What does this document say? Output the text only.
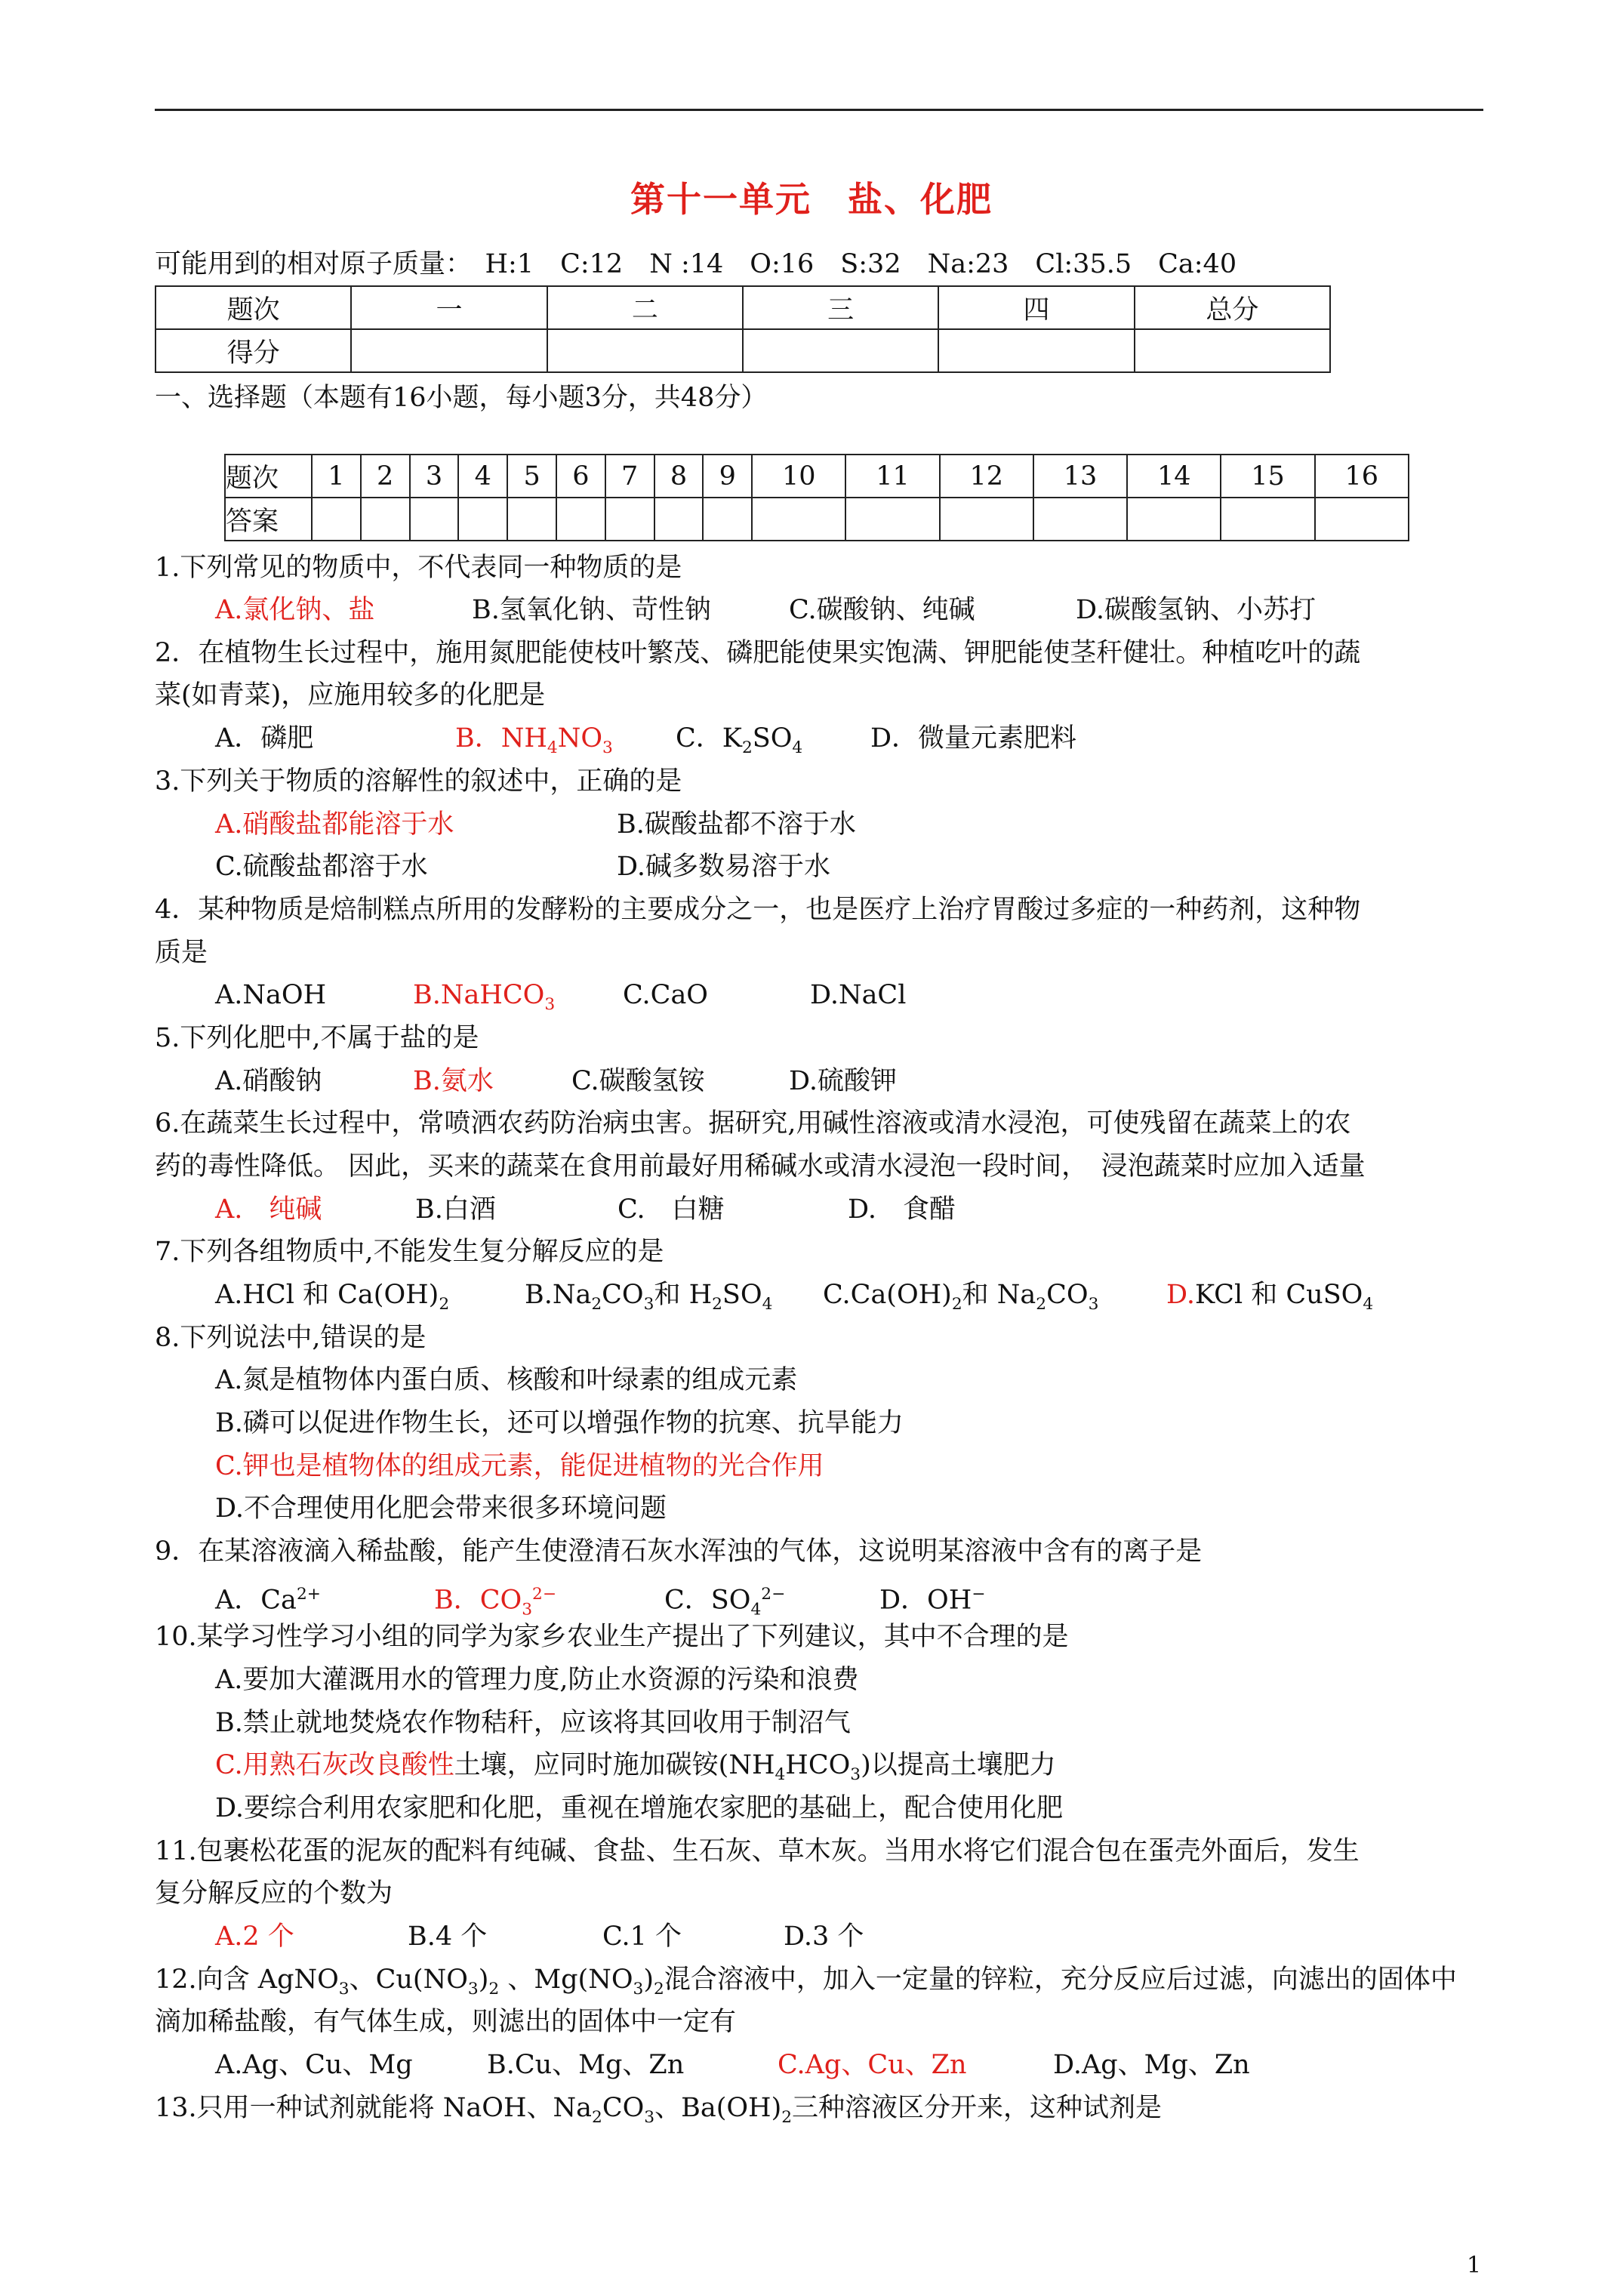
第十一单元　盐、化肥
可能用到的相对原子质量：　H:1　C:12　N :14　O:16　S:32　Na:23　Cl:35.5　Ca:40
题次	一	二	三	四	总分
得分					
一、选择题（本题有16小题，每小题3分，共48分）
题次	1	2	3	4	5	6	7	8	9	10	11	12	13	14	15	16
答案																
1.下列常见的物质中，不代表同一种物质的是
A.氯化钠、盐	B.氢氧化钠、苛性钠	C.碳酸钠、纯碱	D.碳酸氢钠、小苏打
2．在植物生长过程中，施用氮肥能使枝叶繁茂、磷肥能使果实饱满、钾肥能使茎秆健壮。种植吃叶的蔬
菜(如青菜)，应施用较多的化肥是
A．磷肥	B．$NH_4NO_3$ C．$K_2SO_4$	D．微量元素肥料
3.下列关于物质的溶解性的叙述中，正确的是
A.硝酸盐都能溶于水	B.碳酸盐都不溶于水
C.硫酸盐都溶于水	D.碱多数易溶于水
4．某种物质是焙制糕点所用的发酵粉的主要成分之一，也是医疗上治疗胃酸过多症的一种药剂，这种物
质是
A.NaOH	B.NaHCO$_3$	C.CaO	D.NaCl
5.下列化肥中,不属于盐的是
A.硝酸钠	B.氨水	C.碳酸氢铵	D.硫酸钾
6.在蔬菜生长过程中，常喷洒农药防治病虫害。据研究,用碱性溶液或清水浸泡，可使残留在蔬菜上的农
药的毒性降低。 因此，买来的蔬菜在食用前最好用稀碱水或清水浸泡一段时间，　浸泡蔬菜时应加入适量
A.　纯碱	B.白酒	C.　白糖	D.　食醋
7.下列各组物质中,不能发生复分解反应的是
A.HCl 和 $Ca(OH)_2$	$B.Na_2CO_3$和 $H_2SO_4$ $C.Ca(OH)_2$和 $Na_2CO_3$	D.KCl 和 CuSO$_4$
8.下列说法中,错误的是
A.氮是植物体内蛋白质、核酸和叶绿素的组成元素
B.磷可以促进作物生长，还可以增强作物的抗寒、抗旱能力
C.钾也是植物体的组成元素，能促进植物的光合作用
D.不合理使用化肥会带来很多环境问题
9．在某溶液滴入稀盐酸，能产生使澄清石灰水浑浊的气体，这说明某溶液中含有的离子是
A．$Ca^{2+}$	B．$CO_3^{2-}$	C．$SO_4^{2-}$	D．OH−
10.某学习性学习小组的同学为家乡农业生产提出了下列建议，其中不合理的是
A.要加大灌溉用水的管理力度,防止水资源的污染和浪费
B.禁止就地焚烧农作物秸秆，应该将其回收用于制沼气
C.用熟石灰改良酸性土壤，应同时施加碳铵$(NH_4HCO_3)$以提高土壤肥力
D.要综合利用农家肥和化肥，重视在增施农家肥的基础上，配合使用化肥
11.包裹松花蛋的泥灰的配料有纯碱、食盐、生石灰、草木灰。当用水将它们混合包在蛋壳外面后，发生
复分解反应的个数为
A.2 个	B.4 个	C.1 个	D.3 个
12.向含 AgNO$_3$、$Cu(NO_3)_2$ 、$Mg(NO_3)_2$混合溶液中，加入一定量的锌粒，充分反应后过滤，向滤出的固体中
滴加稀盐酸，有气体生成，则滤出的固体中一定有
A.Ag、Cu、Mg	B.Cu、Mg、Zn	C.Ag、Cu、Zn	D.Ag、Mg、Zn
13.只用一种试剂就能将 NaOH、$Na_2CO_3$、$Ba(OH)_2$三种溶液区分开来，这种试剂是
1
